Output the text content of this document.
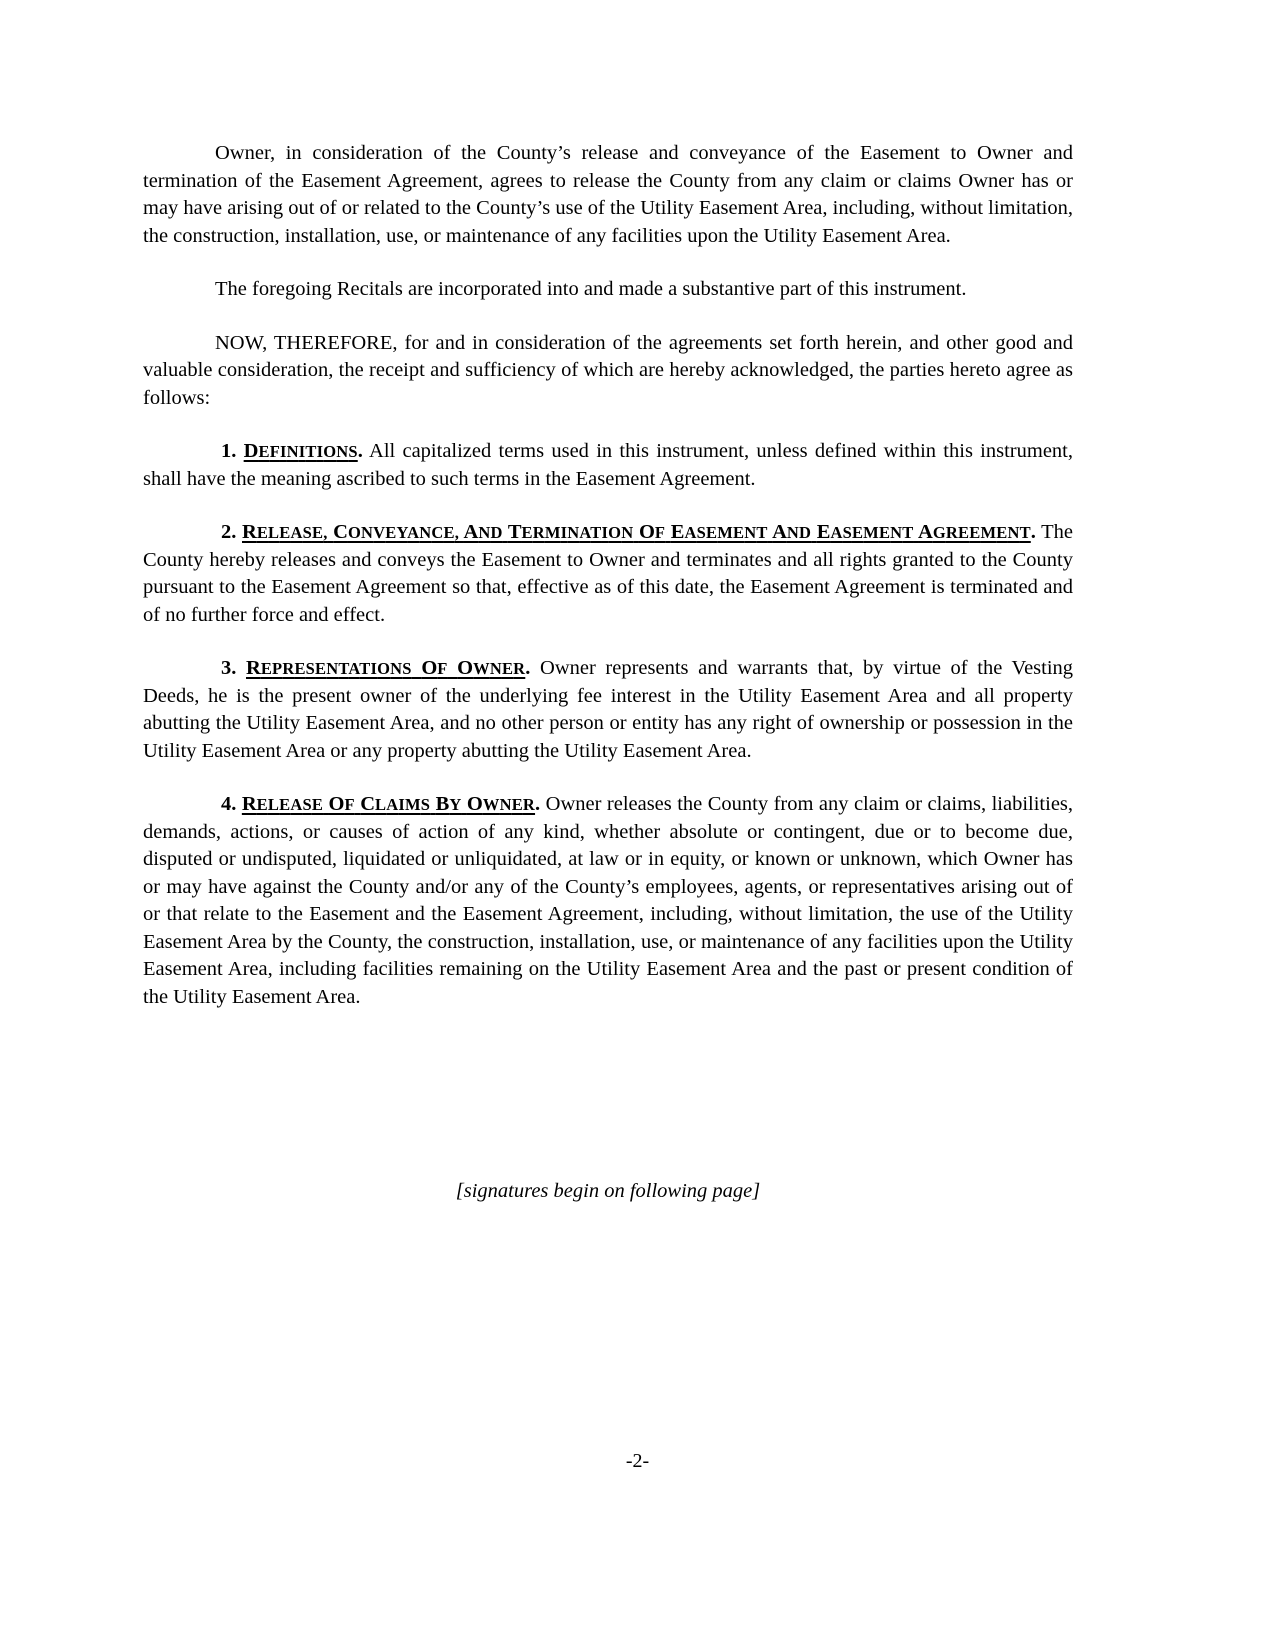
Owner, in consideration of the County’s release and conveyance of the Easement to Owner and termination of the Easement Agreement, agrees to release the County from any claim or claims Owner has or may have arising out of or related to the County’s use of the Utility Easement Area, including, without limitation, the construction, installation, use, or maintenance of any facilities upon the Utility Easement Area.

The foregoing Recitals are incorporated into and made a substantive part of this instrument.

NOW, THEREFORE, for and in consideration of the agreements set forth herein, and other good and valuable consideration, the receipt and sufficiency of which are hereby acknowledged, the parties hereto agree as follows:

1. DEFINITIONS. All capitalized terms used in this instrument, unless defined within this instrument, shall have the meaning ascribed to such terms in the Easement Agreement.

2. RELEASE, CONVEYANCE, AND TERMINATION OF EASEMENT AND EASEMENT AGREEMENT. The County hereby releases and conveys the Easement to Owner and terminates and all rights granted to the County pursuant to the Easement Agreement so that, effective as of this date, the Easement Agreement is terminated and of no further force and effect.

3. REPRESENTATIONS OF OWNER. Owner represents and warrants that, by virtue of the Vesting Deeds, he is the present owner of the underlying fee interest in the Utility Easement Area and all property abutting the Utility Easement Area, and no other person or entity has any right of ownership or possession in the Utility Easement Area or any property abutting the Utility Easement Area.

4. RELEASE OF CLAIMS BY OWNER. Owner releases the County from any claim or claims, liabilities, demands, actions, or causes of action of any kind, whether absolute or contingent, due or to become due, disputed or undisputed, liquidated or unliquidated, at law or in equity, or known or unknown, which Owner has or may have against the County and/or any of the County’s employees, agents, or representatives arising out of or that relate to the Easement and the Easement Agreement, including, without limitation, the use of the Utility Easement Area by the County, the construction, installation, use, or maintenance of any facilities upon the Utility Easement Area, including facilities remaining on the Utility Easement Area and the past or present condition of the Utility Easement Area.

[signatures begin on following page]
-2-
